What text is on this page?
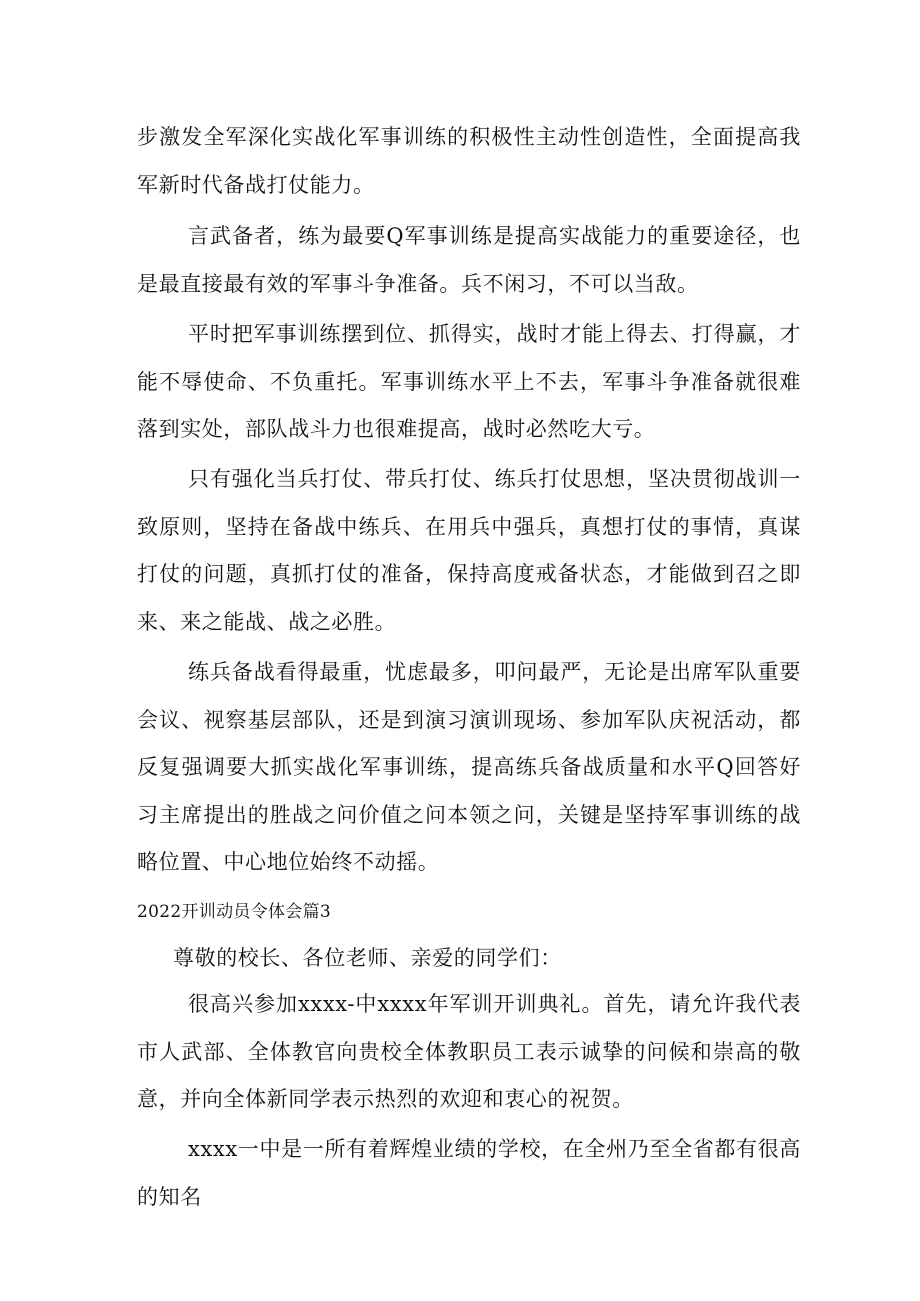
步激发全军深化实战化军事训练的积极性主动性创造性，全面提高我军新时代备战打仗能力。

言武备者，练为最要Q军事训练是提高实战能力的重要途径，也是最直接最有效的军事斗争准备。兵不闲习，不可以当敌。

平时把军事训练摆到位、抓得实，战时才能上得去、打得赢，才能不辱使命、不负重托。军事训练水平上不去，军事斗争准备就很难落到实处，部队战斗力也很难提高，战时必然吃大亏。

只有强化当兵打仗、带兵打仗、练兵打仗思想，坚决贯彻战训一致原则，坚持在备战中练兵、在用兵中强兵，真想打仗的事情，真谋打仗的问题，真抓打仗的准备，保持高度戒备状态，才能做到召之即来、来之能战、战之必胜。

练兵备战看得最重，忧虑最多，叩问最严，无论是出席军队重要会议、视察基层部队，还是到演习演训现场、参加军队庆祝活动，都反复强调要大抓实战化军事训练，提高练兵备战质量和水平Q回答好习主席提出的胜战之问价值之问本领之问，关键是坚持军事训练的战略位置、中心地位始终不动摇。

2022开训动员令体会篇3

尊敬的校长、各位老师、亲爱的同学们：

很高兴参加xxxx-中xxxx年军训开训典礼。首先，请允许我代表市人武部、全体教官向贵校全体教职员工表示诚挚的问候和崇高的敬意，并向全体新同学表示热烈的欢迎和衷心的祝贺。

xxxx一中是一所有着辉煌业绩的学校，在全州乃至全省都有很高的知名
